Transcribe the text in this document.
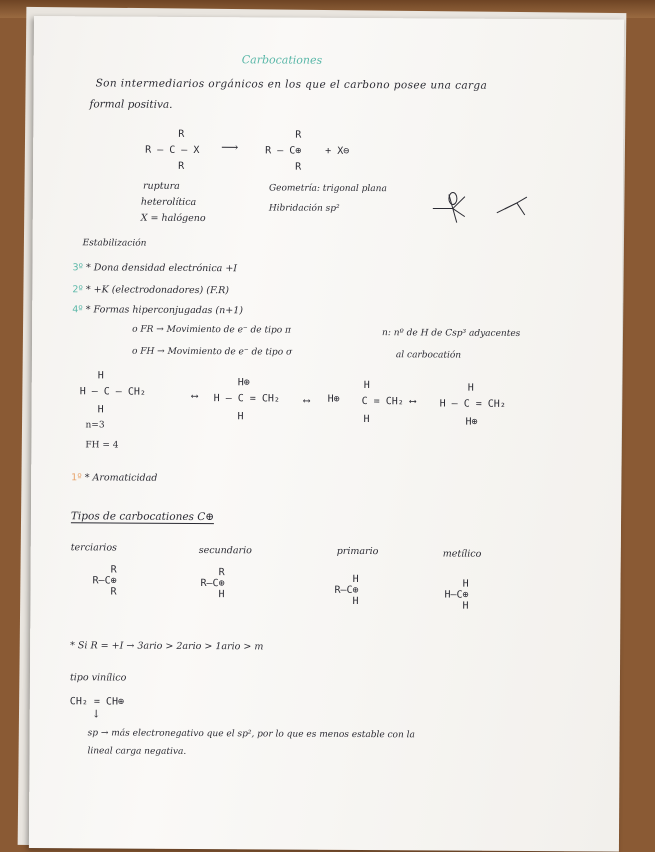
Carbocationes
Son intermediarios orgánicos en los que el carbono posee una carga
formal positiva.
R
R – C – X
R
⟶
R
R – C⊕
R
+ X⊖
ruptura
heterolítica
X = halógeno
Geometría: trigonal plana
Hibridación sp²
Estabilización
3º * Dona densidad electrónica +I
2º * +K (electrodonadores) (F.R)
4º * Formas hiperconjugadas (n+1)
o FR → Movimiento de e⁻ de tipo π
o FH → Movimiento de e⁻ de tipo σ
n: nº de H de Csp³ adyacentes
al carbocatión
H
H – C – CH₂
H
⟷
H⊕
H – C = CH₂
H
⟷ H⊕
H
C = CH₂ ⟷
H
H
H – C = CH₂
H⊕
n=3
FH = 4
1º * Aromaticidad
Tipos de carbocationes C⊕
terciarios	secundario	primario	metílico
R
R–C⊕
R
R
R–C⊕
H
H
R–C⊕
H
H
H–C⊕
H
* Si R = +I → 3ario > 2ario > 1ario > m
tipo vinílico
CH₂ = CH⊕
↓
sp → más electronegativo que el sp², por lo que es menos estable con la
lineal carga negativa.
